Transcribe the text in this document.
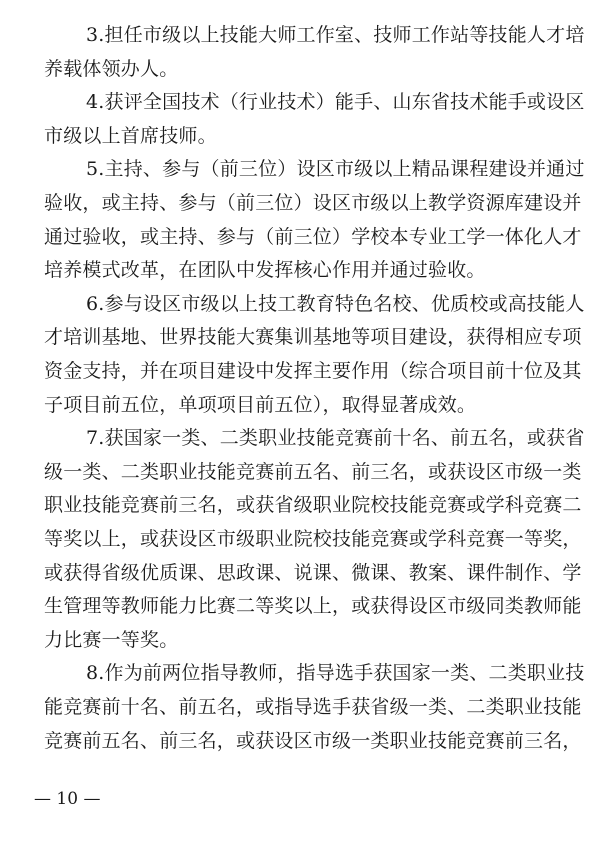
— 10 —
3.担任市级以上技能大师工作室、技师工作站等技能人才培
养载体领办人。
4.获评全国技术（行业技术）能手、山东省技术能手或设区
市级以上首席技师。
5.主持、参与（前三位）设区市级以上精品课程建设并通过
验收，或主持、参与（前三位）设区市级以上教学资源库建设并
通过验收，或主持、参与（前三位）学校本专业工学一体化人才
培养模式改革，在团队中发挥核心作用并通过验收。
6.参与设区市级以上技工教育特色名校、优质校或高技能人
才培训基地、世界技能大赛集训基地等项目建设，获得相应专项
资金支持，并在项目建设中发挥主要作用（综合项目前十位及其
子项目前五位，单项项目前五位），取得显著成效。
7.获国家一类、二类职业技能竞赛前十名、前五名，或获省
级一类、二类职业技能竞赛前五名、前三名，或获设区市级一类
职业技能竞赛前三名，或获省级职业院校技能竞赛或学科竞赛二
等奖以上，或获设区市级职业院校技能竞赛或学科竞赛一等奖，
或获得省级优质课、思政课、说课、微课、教案、课件制作、学
生管理等教师能力比赛二等奖以上，或获得设区市级同类教师能
力比赛一等奖。
8.作为前两位指导教师，指导选手获国家一类、二类职业技
能竞赛前十名、前五名，或指导选手获省级一类、二类职业技能
竞赛前五名、前三名，或获设区市级一类职业技能竞赛前三名，
